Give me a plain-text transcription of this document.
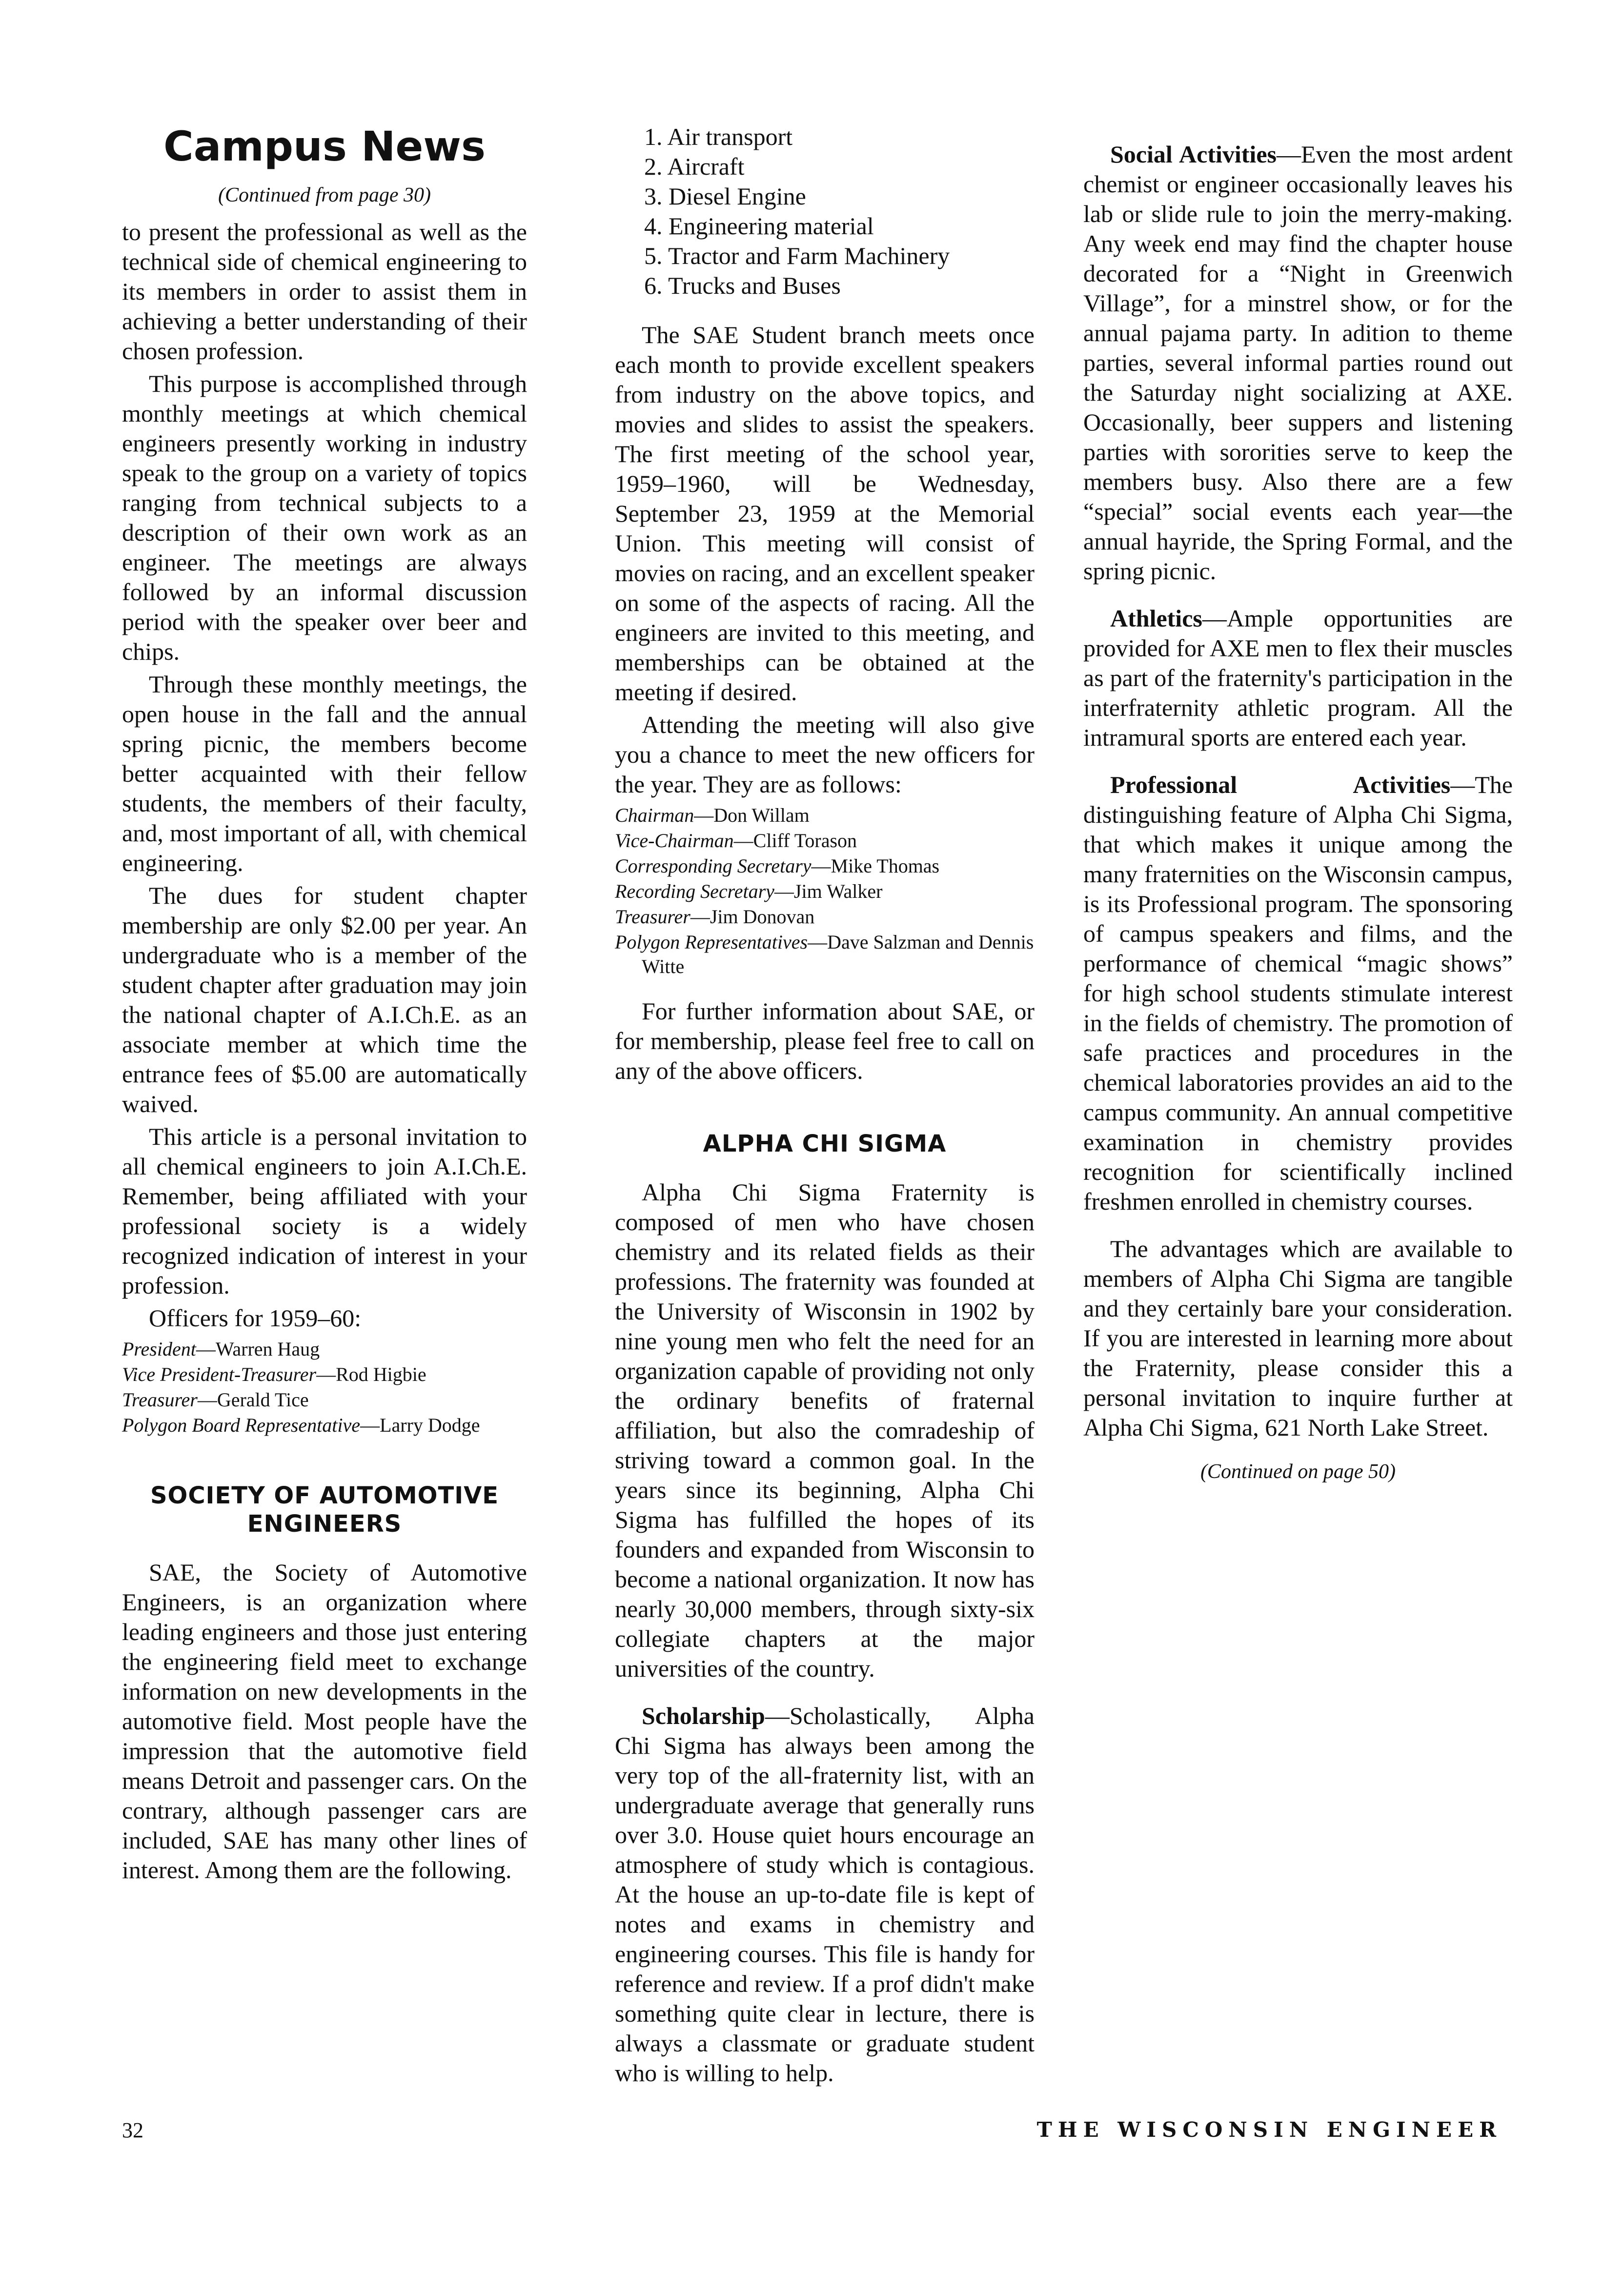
Campus News
(Continued from page 30)

to present the professional as well as the technical side of chemical engineering to its members in order to assist them in achieving a better understanding of their chosen profession.

This purpose is accomplished through monthly meetings at which chemical engineers presently working in industry speak to the group on a variety of topics ranging from technical subjects to a description of their own work as an engineer. The meetings are always followed by an informal discussion period with the speaker over beer and chips.

Through these monthly meetings, the open house in the fall and the annual spring picnic, the members become better acquainted with their fellow students, the members of their faculty, and, most important of all, with chemical engineering.

The dues for student chapter membership are only $2.00 per year. An undergraduate who is a member of the student chapter after graduation may join the national chapter of A.I.Ch.E. as an associate member at which time the entrance fees of $5.00 are automatically waived.

This article is a personal invitation to all chemical engineers to join A.I.Ch.E. Remember, being affiliated with your professional society is a widely recognized indication of interest in your profession.

Officers for 1959–60:

President—Warren Haug
Vice President-Treasurer—Rod Higbie
Treasurer—Gerald Tice
Polygon Board Representative—Larry Dodge
SOCIETY OF AUTOMOTIVE ENGINEERS

SAE, the Society of Automotive Engineers, is an organization where leading engineers and those just entering the engineering field meet to exchange information on new developments in the automotive field. Most people have the impression that the automotive field means Detroit and passenger cars. On the contrary, although passenger cars are included, SAE has many other lines of interest. Among them are the following.

1. Air transport
2. Aircraft
3. Diesel Engine
4. Engineering material
5. Tractor and Farm Machinery
6. Trucks and Buses

The SAE Student branch meets once each month to provide excellent speakers from industry on the above topics, and movies and slides to assist the speakers. The first meeting of the school year, 1959–1960, will be Wednesday, September 23, 1959 at the Memorial Union. This meeting will consist of movies on racing, and an excellent speaker on some of the aspects of racing. All the engineers are invited to this meeting, and memberships can be obtained at the meeting if desired.

Attending the meeting will also give you a chance to meet the new officers for the year. They are as follows:

Chairman—Don Willam
Vice-Chairman—Cliff Torason
Corresponding Secretary—Mike Thomas
Recording Secretary—Jim Walker
Treasurer—Jim Donovan
Polygon Representatives—Dave Salzman and Dennis Witte

For further information about SAE, or for membership, please feel free to call on any of the above officers.

ALPHA CHI SIGMA

Alpha Chi Sigma Fraternity is composed of men who have chosen chemistry and its related fields as their professions. The fraternity was founded at the University of Wisconsin in 1902 by nine young men who felt the need for an organization capable of providing not only the ordinary benefits of fraternal affiliation, but also the comradeship of striving toward a common goal. In the years since its beginning, Alpha Chi Sigma has fulfilled the hopes of its founders and expanded from Wisconsin to become a national organization. It now has nearly 30,000 members, through sixty-six collegiate chapters at the major universities of the country.

Scholarship—Scholastically, Alpha Chi Sigma has always been among the very top of the all-fraternity list, with an undergraduate average that generally runs over 3.0. House quiet hours encourage an atmosphere of study which is contagious. At the house an up-to-date file is kept of notes and exams in chemistry and engineering courses. This file is handy for reference and review. If a prof didn't make something quite clear in lecture, there is always a classmate or graduate student who is willing to help.

Social Activities—Even the most ardent chemist or engineer occasionally leaves his lab or slide rule to join the merry-making. Any week end may find the chapter house decorated for a “Night in Greenwich Village”, for a minstrel show, or for the annual pajama party. In adition to theme parties, several informal parties round out the Saturday night socializing at AXE. Occasionally, beer suppers and listening parties with sororities serve to keep the members busy. Also there are a few “special” social events each year—the annual hayride, the Spring Formal, and the spring picnic.

Athletics—Ample opportunities are provided for AXE men to flex their muscles as part of the fraternity's participation in the interfraternity athletic program. All the intramural sports are entered each year.

Professional Activities—The distinguishing feature of Alpha Chi Sigma, that which makes it unique among the many fraternities on the Wisconsin campus, is its Professional program. The sponsoring of campus speakers and films, and the performance of chemical “magic shows” for high school students stimulate interest in the fields of chemistry. The promotion of safe practices and procedures in the chemical laboratories provides an aid to the campus community. An annual competitive examination in chemistry provides recognition for scientifically inclined freshmen enrolled in chemistry courses.

The advantages which are available to members of Alpha Chi Sigma are tangible and they certainly bare your consideration. If you are interested in learning more about the Fraternity, please consider this a personal invitation to inquire further at Alpha Chi Sigma, 621 North Lake Street.

(Continued on page 50)
32	THE WISCONSIN ENGINEER
